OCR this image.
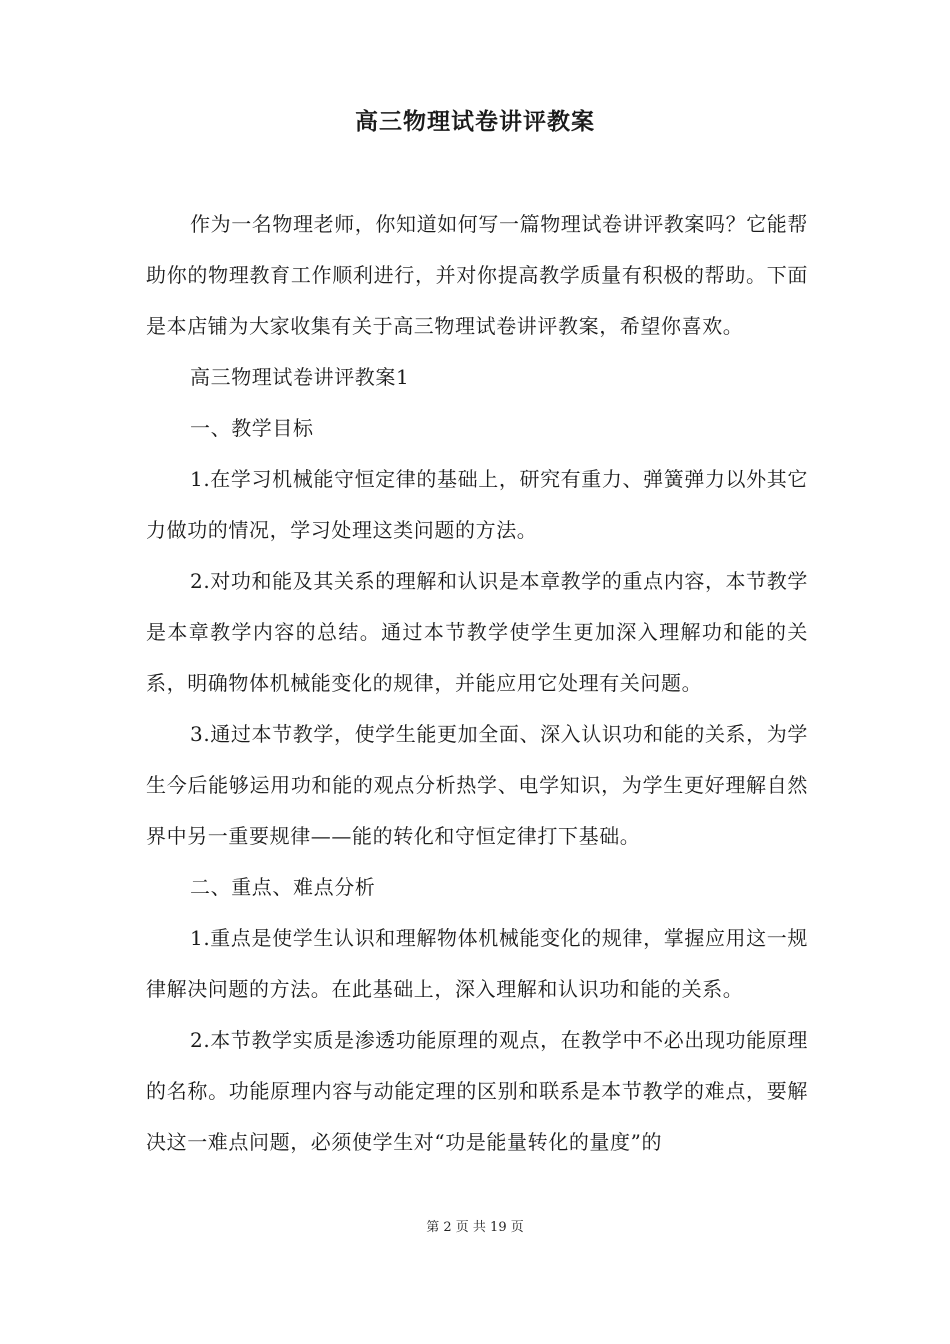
高三物理试卷讲评教案

作为一名物理老师，你知道如何写一篇物理试卷讲评教案吗？它能帮助你的物理教育工作顺利进行，并对你提高教学质量有积极的帮助。下面是本店铺为大家收集有关于高三物理试卷讲评教案，希望你喜欢。

高三物理试卷讲评教案1

一、教学目标

1.在学习机械能守恒定律的基础上，研究有重力、弹簧弹力以外其它力做功的情况，学习处理这类问题的方法。

2.对功和能及其关系的理解和认识是本章教学的重点内容，本节教学是本章教学内容的总结。通过本节教学使学生更加深入理解功和能的关系，明确物体机械能变化的规律，并能应用它处理有关问题。

3.通过本节教学，使学生能更加全面、深入认识功和能的关系，为学生今后能够运用功和能的观点分析热学、电学知识，为学生更好理解自然界中另一重要规律——能的转化和守恒定律打下基础。

二、重点、难点分析

1.重点是使学生认识和理解物体机械能变化的规律，掌握应用这一规律解决问题的方法。在此基础上，深入理解和认识功和能的关系。

2.本节教学实质是渗透功能原理的观点，在教学中不必出现功能原理的名称。功能原理内容与动能定理的区别和联系是本节教学的难点，要解决这一难点问题，必须使学生对“功是能量转化的量度”的

第 2 页 共 19 页
